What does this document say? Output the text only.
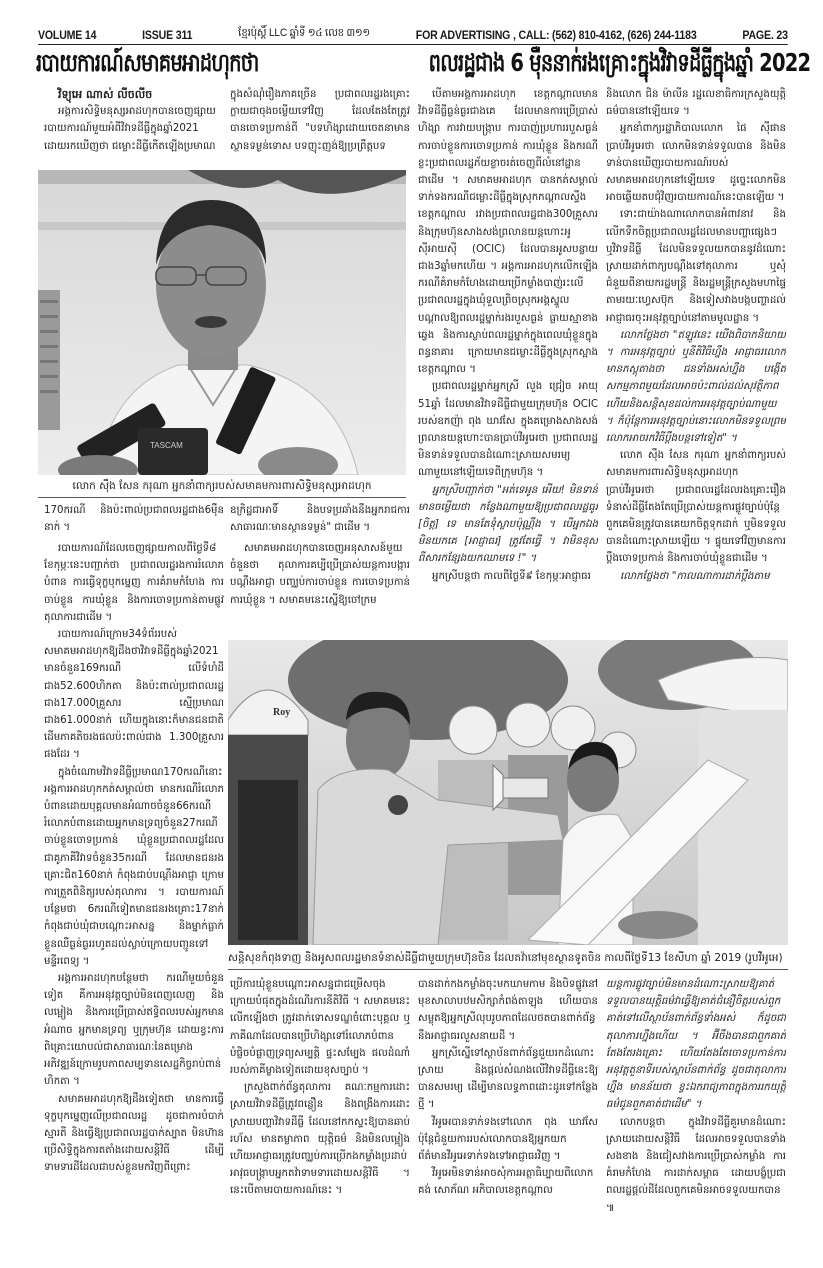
VOLUME 14	ISSUE 311	ខ្មែរប៉ុស្តិ៍ LLC ឆ្នាំទី ១៤ លេខ ៣១១	FOR ADVERTISING , CALL: (562) 810-4162, (626) 244-1183	PAGE. 23
របាយការណ៍សមាគមអាដហុកថា	ពលរដ្ឋជាង 6 ម៉ឺននាក់រងគ្រោះក្នុងវិវាទដីធ្លីក្នុងឆ្នាំ 2022

វិទ្យុអេ ណាស់ លីចលីច

អង្គការសិទ្ធិមនុស្សអាដហុកបានចេញផ្សាយរបាយការណ៍មួយអំពីវិវាទដីធ្លីក្នុងឆ្នាំ2021 ដោយរកឃើញថា ជម្លោះដីធ្លីកើតឡើងប្រមាណ

ក្នុងសំណុំរឿងភាគច្រើន ប្រជាពលរដ្ឋរងគ្រោះក្លាយជាចុងចម្លើយទៅវិញ ដែលតែងតែត្រូវបានចោទប្រកាន់ពី "បទហិង្សាដោយចេតនាមានស្ថានទម្ងន់ទោស បទញុះញង់ឱ្យប្រព្រឹត្តបទ

TASCAM
លោក ស៊ឹង សែន ករុណា អ្នកនាំពាក្យរបស់សមាគមការពារសិទ្ធិមនុស្សអាដហុក

170ករណី និងប៉ះពាល់ប្រជាពលរដ្ឋជាង6ម៉ឺននាក់ ។

ឧក្រិដ្ឋជាអាទិ៍ និងបទប្រឆាំងនឹងអ្នករាជការសាធារណៈមានស្ថានទម្ងន់" ជាដើម ។

របាយការណ៍ដែលចេញផ្សាយកាលពីថ្ងៃទី៨ ខែកុម្ភៈនេះបញ្ជាក់ថា ប្រជាពលរដ្ឋរងការរំលោភបំពាន ការធ្វើទុក្ខបុកម្នេញ ការគំរាមកំហែង ការចាប់ខ្លួន ការឃុំខ្លួន និងការចោទប្រកាន់តាមផ្លូវតុលាការជាដើម ។

របាយការណ៍ក្រោម34ទំព័ររបស់សមាគមអាដហុកឱ្យដឹងថាវិវាទដីធ្លីក្នុងឆ្នាំ2021 មានចំនួន169ករណី លើទំហំដីជាង52.600ហិកតា និងប៉ះពាល់ប្រជាពលរដ្ឋជាង17.000គ្រួសារ ស្មើប្រមាណជាង61.000នាក់ ហើយក្នុងនោះក៏មានជនជាតិដើមភាគតិចរងផលប៉ះពាល់ជាង 1.300គ្រួសារផងដែរ ។

ក្នុងចំណោមវិវាទដីធ្លីប្រមាណ170ករណីនោះ អង្គការអាដហុកកត់សម្គាល់ថា មានករណីរំលោភបំពានដោយបុគ្គលមានអំណាចចំនួន66ករណី រំលោភបំពានដោយអ្នកមានទ្រព្យចំនួន27ករណី ចាប់ខ្លួនចោទប្រកាន់ ឃុំខ្លួនប្រជាពលរដ្ឋដែលជាគូភាគីវិវាទចំនួន35ករណី ដែលមានជនរងគ្រោះជិត160នាក់ កំពុងជាប់បណ្ដឹងអាជ្ញា ក្រោមការត្រួតពិនិត្យរបស់តុលាការ ។ របាយការណ៍បន្ថែមថា 6ករណីទៀតមានជនរងគ្រោះ17នាក់ កំពុងជាប់ឃុំជាបណ្ដោះអាសន្ន និងម្នាក់ធ្លាក់ខ្លួនឈឺធ្ងន់ធ្ងររហូតដល់ស្លាប់ក្រោយបញ្ជូនទៅមន្ទីរពេទ្យ ។

អង្គការអាដហុកបន្ថែមថា ករណីមួយចំនួនទៀត គឺការអនុវត្តច្បាប់មិនពេញលេញ និងលម្អៀង និងការប្រើប្រាស់ឥទ្ធិពលរបស់អ្នកមានអំណាច អ្នកមានទ្រព្យ ឬក្រុមហ៊ុន ដោយខ្វះការពិគ្រោះយោបល់ជាសាធារណៈនៃគម្រោងអភិវឌ្ឍន៍ក្រោមរូបភាពសម្បទានសេដ្ឋកិច្ចរាប់ពាន់ហិកតា ។

សមាគមអាដហុកឱ្យដឹងទៀតថា មានការធ្វើទុក្ខបុកម្នេញលើប្រជាពលរដ្ឋ ដូចជាការបំបាក់ស្មារតី និងធ្វើឱ្យប្រជាពលរដ្ឋបាក់ស្បាត មិនហ៊ានប្រើសិទ្ធិក្នុងការតតាំងដោយសន្តិវិធី ដើម្បីទាមទារដីដែលជាបស់ខ្លួនមកវិញពីព្រោះ

សមាគមអាដហុកបានចេញអនុសាសន៍មួយចំនួនថា តុលាការគប្បីប្រើប្រាស់យន្តការបង្ការបណ្ដឹងអាជ្ញា បញ្ឈប់ការចាប់ខ្លួន ការចោទប្រកាន់ការឃុំខ្លួន ។ សមាគមនេះស្នើឱ្យចៅក្រម

បើតាមអង្គការអាដហុក ខេត្តកណ្ដាលមានវិវាទដីធ្លីធ្ងន់ធ្ងរជាងគេ ដែលមានការប្រើប្រាស់ហិង្សា ការវាយបង្ក្រាប ការបាញ់ប្រហាររបួសធ្ងន់ ការចាប់ខ្លួនការចោទប្រកាន់ ការឃុំខ្លួន និងករណីខ្លះប្រជាពលរដ្ឋភ័យខ្លាចរត់ចេញពីលំនៅដ្ឋានជាដើម ។ សមាគមអាដហុក បានកត់សម្គាល់ទាក់ទងករណីជម្លោះដីធ្លីក្នុងស្រុកកណ្ដាលស្ទឹង ខេត្តកណ្ដាល រវាងប្រជាពលរដ្ឋជាង300គ្រួសារ និងក្រុមហ៊ុនសាងសង់ព្រលានយន្តហោះអូស៊ីអាយស៊ី (OCIC) ដែលបានអូសបន្លាយជាង3ឆ្នាំមកហើយ ។ អង្គការអាដហុកលើកឡើងករណីគំរាមកំហែងដោយប្រើកម្លាំងបាញ់រះលើប្រជាពលរដ្ឋក្នុងឃុំទួលព្រិចស្រុកអង្គស្នួល បណ្ដាលឱ្យពលរដ្ឋម្នាក់រងរបួសធ្ងន់ ធ្លាយស្មាខាងឆ្វេង និងការស្លាប់ពលរដ្ឋម្នាក់ក្នុងពេលឃុំខ្លួនក្នុងពន្ធនាគារ ក្រោយមានជម្លោះដីធ្លីក្នុងស្រុកស្អាង ខេត្តកណ្ដាល ។

ប្រជាពលរដ្ឋម្នាក់អ្នកស្រី លួង ជ្រៀច អាយុ 51ឆ្នាំ ដែលមានវិវាទដីធ្លីជាមួយក្រុមហ៊ុន OCIC របស់ឧកញ៉ា ពុង ឃាវសែ ក្នុងគម្រោងសាងសង់ព្រលានយន្តហោះបានប្រាប់វីអូអេថា ប្រជាពលរដ្ឋមិនទាន់ទទួលបានដំណោះស្រាយសមរម្យណាមួយនៅឡើយទេពីក្រុមហ៊ុន ។

អ្នកស្រីបញ្ជាក់ថា "អត់ទេអូន អើយ! មិនទាន់មានចម្លើយថា កន្លែងណាមួយឱ្យប្រជាពលរដ្ឋធូរ [ចិត្ត] ទេ មានតែទុំស្លាបប៉ុណ្ណឹង ។ បើអ្នកឯងមិនយកគេ [អាជ្ញាធរ] ត្រូវតែធ្វើ ។ វាមិនខុសពីសារកន្សែងយកឈាមទេ !" ។

អ្នកស្រីបន្តថា កាលពីថ្ងៃទី៩ ខែកុម្ភៈអាជ្ញាធរ

និងលោក ជិន ម៉ាលីន រដ្ឋលេខាធិការក្រសួងយុត្តិធម៌បាននៅឡើយទេ ។

អ្នកនាំពាក្យរដ្ឋាភិបាលលោក ផៃ ស៊ីផាន ប្រាប់វីអូអេថា លោកមិនទាន់ទទួលបាន និងមិនទាន់បានឃើញរបាយការណ៍របស់សមាគមអាដហុកនៅឡើយទេ ដូច្នេះលោកមិនអាចឆ្លើយតបជុំវិញរបាយការណ៍នេះបានឡើយ ។

ទោះជាយ៉ាងណាលោកបានអំពាវនាវ និងលើកទឹកចិត្តប្រជាពលរដ្ឋដែលមានបញ្ហាផ្សេងៗ ឬវិវាទដីធ្លី ដែលមិនទទួលយកបាននូវដំណោះស្រាយដាក់ពាក្យបណ្ដឹងទៅតុលាការ ឬសុំជំនួយពីនាយករដ្ឋមន្ត្រី និងរដ្ឋមន្ត្រីក្រសួងមហាផ្ទៃតាមរយៈហ្វេសប៊ុក និងទៀសវាងបង្កបញ្ហាដល់អាជ្ញាធរចុះអនុវត្តច្បាប់នៅតាមមូលដ្ឋាន ។

លោកថ្លែងថា "ឥឡូវនេះ យើងពិបាកនិយាយ ។ ការអនុវត្តច្បាប់ ឬនីតិវិធីហ្នឹង អាជ្ញាធរលោកមានភស្តុតាងថា ជនទាំងអស់ហ្នឹង បង្កើតសកម្មភាពមួយដែលអាចប៉ះពាល់ដល់សុវត្ថិភាព ហើយនិងសន្តិសុខដល់ការអនុវត្តច្បាប់ណាមួយ ។ ក៏ប៉ុន្តែការអនុវត្តច្បាប់នោះលោកមិនទទួលព្រមលោកអាចរកវិធីប្ដឹងបន្តទៅទៀត" ។

លោក ស៊ឹង សែន ករុណា អ្នកនាំពាក្យរបស់សមាគមការពារសិទ្ធិមនុស្សអាដហុកប្រាប់វីអូអេថា ប្រជាពលរដ្ឋដែលរងគ្រោះរឿងទំនាស់ដីធ្លីតែងតែប្រើប្រាស់យន្តការផ្លូវច្បាប់ប៉ុន្តែពួកគេមិនត្រូវបានគេយកចិត្តទុកដាក់ ឬមិនទទួលបានដំណោះស្រាយឡើយ ។ ផ្ទុយទៅវិញមានការប្ដឹងចោទប្រកាន់ និងការចាប់ឃុំខ្លួនជាដើម ។

លោកថ្លែងថា "កាលណាការដាក់ប្ដឹងតាម

Roy
សន្តិសុខកំពុងទាញ និងអូសពលរដ្ឋមានទំនាស់ដីធ្លីជាមួយក្រុមហ៊ុនចិន ដែលតវ៉ានៅមុខស្ថានទូតចិន កាលពីថ្ងៃទី13 ខែសីហា ឆ្នាំ 2019 (រូបវីអូអេ)

ប្រើការឃុំខ្លួនបណ្ដោះអាសន្នជាជម្រើសចុងក្រោយបំផុតក្នុងដំណើរការនីតិវិធី ។ សមាគមនេះលើកឡើងថា ត្រូវដាក់ទោសទណ្ឌចំពោះបុគ្គល ឬភាគីណាដែលបានប្រើហិង្សាទៅរំលោភបំពាន បំផ្លិចបំផ្លាញទ្រព្យសម្បត្តិ ផ្ទះសម្បែង ផលដំណាំរបស់ភាគីម្ខាងទៀតដោយខុសច្បាប់ ។

ក្រសួងពាក់ព័ន្ធតុលាការ គណៈកម្មការដោះស្រាយវិវាទដីធ្លីត្រូវពន្លឿន និងពង្រឹងការដោះស្រាយបញ្ហាវិវាទដីធ្លី ដែលនៅកកស្ទះឱ្យបានឆាប់រហ័ស មានតម្លាភាព យុត្តិធម៌ និងមិនលម្អៀង ហើយអាជ្ញាធរត្រូវបញ្ឈប់ការប្រើកងកម្លាំងប្រដាប់អាវុធបង្ក្រាបអ្នកតវ៉ាទាមទារដោយសន្តិវិធី ។ នេះបើតាមរបាយការណ៍នេះ ។

បានដាក់កងកម្លាំងចុះមកឃាមកាម និងបិទផ្លូវនៅមុខសាលាបឋមសិក្សាកំពង់តាឡុង ហើយបានសម្លុតឱ្យអ្នកស្រីលុបរូបភាពដែលថតបានពាក់ព័ន្ធនឹងអាជ្ញាធរលួសនាយដី ។

អ្នកស្រីស្នើទៅស្ថាប័នពាក់ព័ន្ធជួយរកដំណោះស្រាយ និងផ្ដល់សំណងលើវិវាទដីធ្លីនេះឱ្យបានសមរម្យ ដើម្បីមានលទ្ធភាពដោះដូរទៅកន្លែងថ្មី ។

វីអូអេបានទាក់ទងទៅលោក ពុង ឃាវសែ ប៉ុន្តែជំនួយការរបស់លោកបានឱ្យអ្នកយកព័ត៌មានវីអូអេទាក់ទងទៅអាជ្ញាធរវិញ ។

វីអូអេមិនទាន់អាចសុំការអត្ថាធិប្បាយពីលោក គង់ សោភ័ណ អភិបាលខេត្តកណ្ដាល

យន្តការផ្លូវច្បាប់មិនមានដំណោះស្រាយឱ្យគាត់ទទួលបានយុត្តិធម៌វាធ្វើឱ្យគាត់ជំនឿចិត្តរបស់ពួកគាត់ទៅលើស្ថាប័នពាក់ព័ន្ធទាំងអស់ ក៏ដូចជាតុលាការហ្នឹងហើយ ។ អ៊ីចឹងបានជាពួកគាត់តែងតែរងគ្រោះ ហើយតែងតែចោទប្រកាន់ការអនុវត្តតួនាទីរបស់ស្ថាប័នពាក់ព័ន្ធ ដូចជាតុលាការហ្នឹង មានន័យថា ខ្វះឯករាជ្យភាពក្នុងការរកយុត្តិធម៌ជូនពួកគាត់ជាដើម" ។

លោកបន្តថា ក្នុងវិវាទដីធ្លីគួរមានដំណោះស្រាយដោយសន្តិវិធី ដែលអាចទទួលបានទាំងសងខាង និងជៀសវាងការប្រើប្រាស់កម្លាំង ការគំរាមកំហែង ការដាក់សម្ពាធ ដោយបង្ខំប្រជាពលរដ្ឋផ្ដល់ដីដែលពួកគេមិនអាចទទួលយកបាន ៕
